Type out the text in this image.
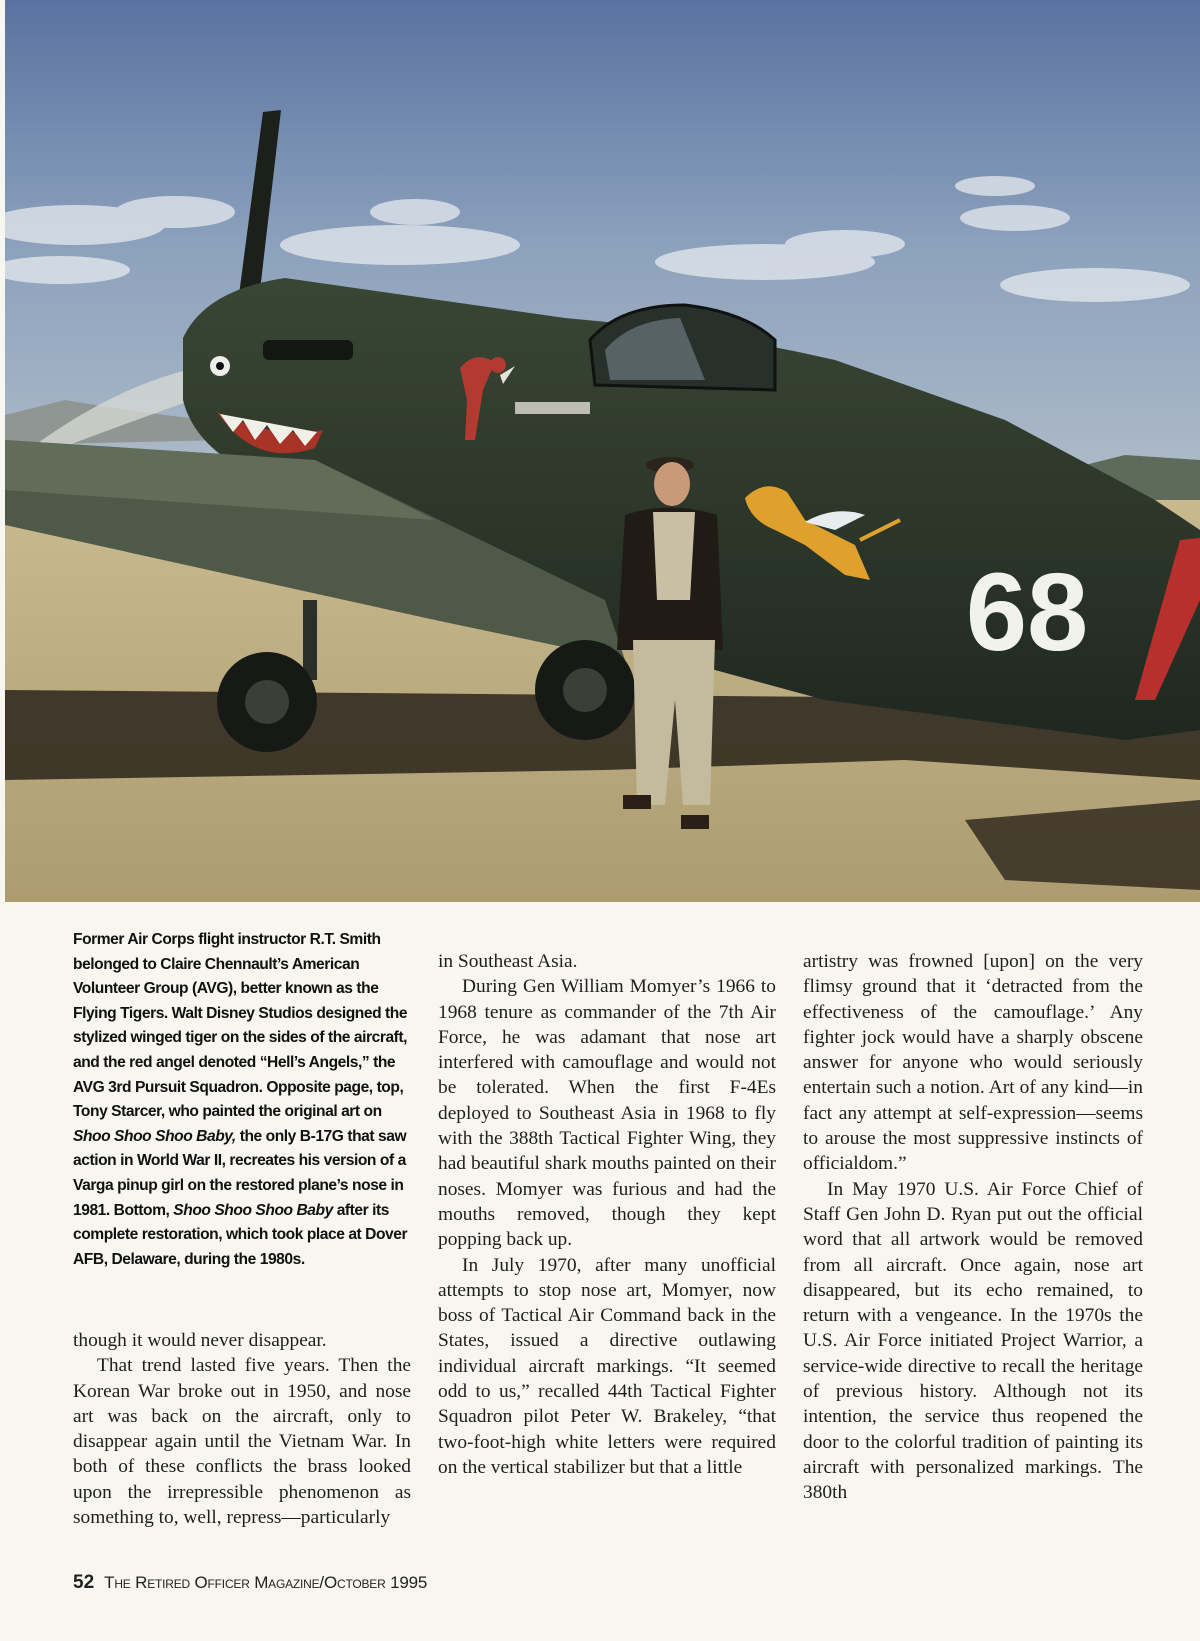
68

Former Air Corps flight instructor R.T. Smith belonged to Claire Chennault’s American Volunteer Group (AVG), better known as the Flying Tigers. Walt Disney Studios designed the stylized winged tiger on the sides of the aircraft, and the red angel denoted “Hell’s Angels,” the AVG 3rd Pursuit Squadron. Opposite page, top, Tony Starcer, who painted the original art on Shoo Shoo Shoo Baby, the only B-17G that saw action in World War II, recreates his version of a Varga pinup girl on the restored plane’s nose in 1981. Bottom, Shoo Shoo Shoo Baby after its complete restoration, which took place at Dover AFB, Delaware, during the 1980s.

though it would never disappear.

That trend lasted five years. Then the Korean War broke out in 1950, and nose art was back on the aircraft, only to disappear again until the Vietnam War. In both of these conflicts the brass looked upon the irrepressible phenomenon as something to, well, repress—particularly

in Southeast Asia.

During Gen William Momyer’s 1966 to 1968 tenure as commander of the 7th Air Force, he was adamant that nose art interfered with camouflage and would not be tolerated. When the first F-4Es deployed to Southeast Asia in 1968 to fly with the 388th Tactical Fighter Wing, they had beautiful shark mouths painted on their noses. Momyer was furious and had the mouths removed, though they kept popping back up.

In July 1970, after many unofficial attempts to stop nose art, Momyer, now boss of Tactical Air Command back in the States, issued a directive outlawing individual aircraft markings. “It seemed odd to us,” recalled 44th Tactical Fighter Squadron pilot Peter W. Brakeley, “that two-foot-high white letters were required on the vertical stabilizer but that a little

artistry was frowned [upon] on the very flimsy ground that it ‘detracted from the effectiveness of the camouflage.’ Any fighter jock would have a sharply obscene answer for anyone who would seriously entertain such a notion. Art of any kind—in fact any attempt at self-expression—seems to arouse the most suppressive instincts of officialdom.”

In May 1970 U.S. Air Force Chief of Staff Gen John D. Ryan put out the official word that all artwork would be removed from all aircraft. Once again, nose art disappeared, but its echo remained, to return with a vengeance. In the 1970s the U.S. Air Force initiated Project Warrior, a service-wide directive to recall the heritage of previous history. Although not its intention, the service thus reopened the door to the colorful tradition of painting its aircraft with personalized markings. The 380th

52 The Retired Officer Magazine/October 1995
